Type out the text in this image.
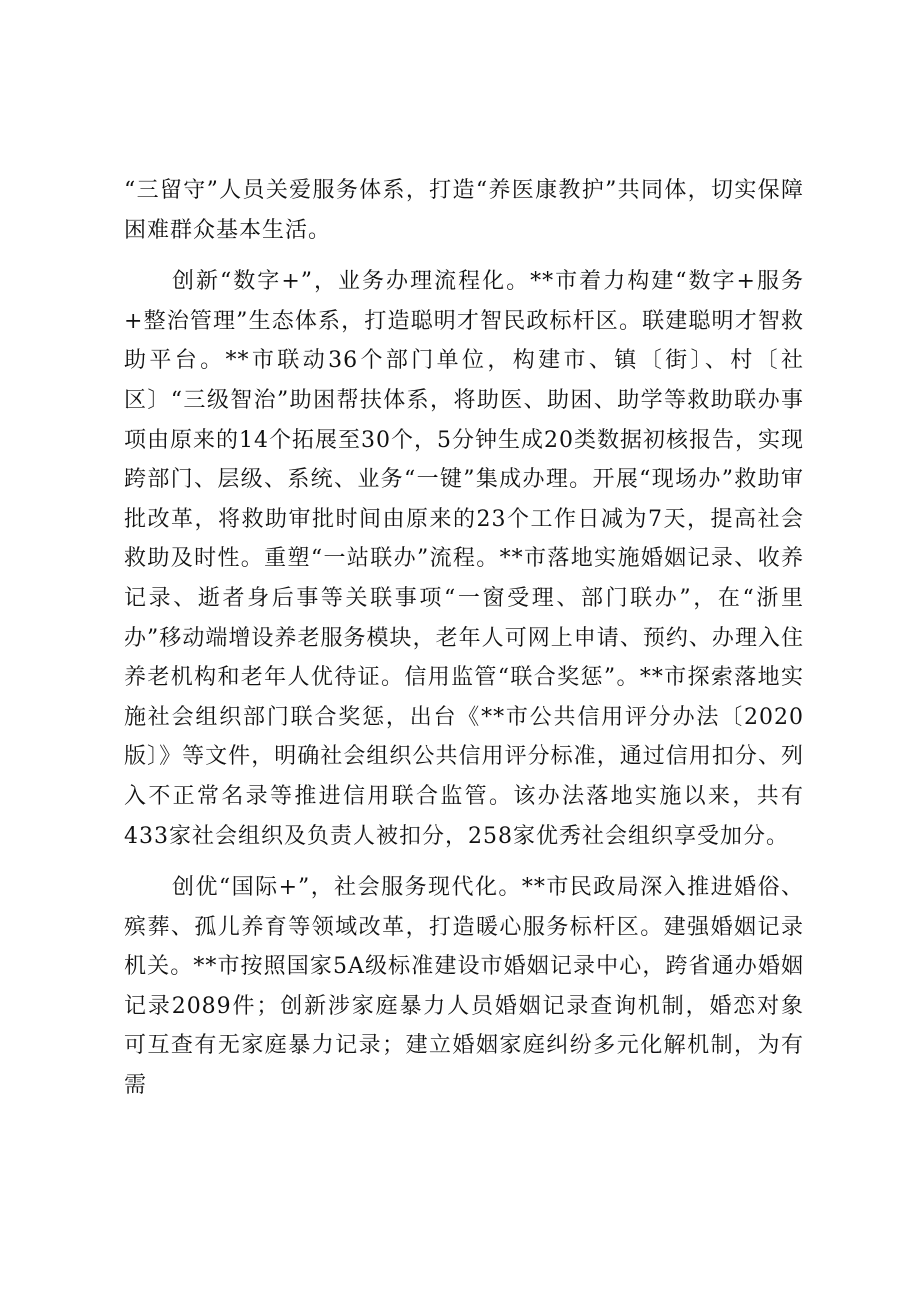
“三留守”人员关爱服务体系，打造“养医康教护”共同体，切实保障困难群众基本生活。

创新“数字+”，业务办理流程化。**市着力构建“数字+服务+整治管理”生态体系，打造聪明才智民政标杆区。联建聪明才智救助平台。**市联动36个部门单位，构建市、镇〔街〕、村〔社区〕“三级智治”助困帮扶体系，将助医、助困、助学等救助联办事项由原来的14个拓展至30个，5分钟生成20类数据初核报告，实现跨部门、层级、系统、业务“一键”集成办理。开展“现场办”救助审批改革，将救助审批时间由原来的23个工作日减为7天，提高社会救助及时性。重塑“一站联办”流程。**市落地实施婚姻记录、收养记录、逝者身后事等关联事项“一窗受理、部门联办”，在“浙里办”移动端增设养老服务模块，老年人可网上申请、预约、办理入住养老机构和老年人优待证。信用监管“联合奖惩”。**市探索落地实施社会组织部门联合奖惩，出台《**市公共信用评分办法〔2020版〕》等文件，明确社会组织公共信用评分标准，通过信用扣分、列入不正常名录等推进信用联合监管。该办法落地实施以来，共有433家社会组织及负责人被扣分，258家优秀社会组织享受加分。

创优“国际+”，社会服务现代化。**市民政局深入推进婚俗、殡葬、孤儿养育等领域改革，打造暖心服务标杆区。建强婚姻记录机关。**市按照国家5A级标准建设市婚姻记录中心，跨省通办婚姻记录2089件；创新涉家庭暴力人员婚姻记录查询机制，婚恋对象可互查有无家庭暴力记录；建立婚姻家庭纠纷多元化解机制，为有需
